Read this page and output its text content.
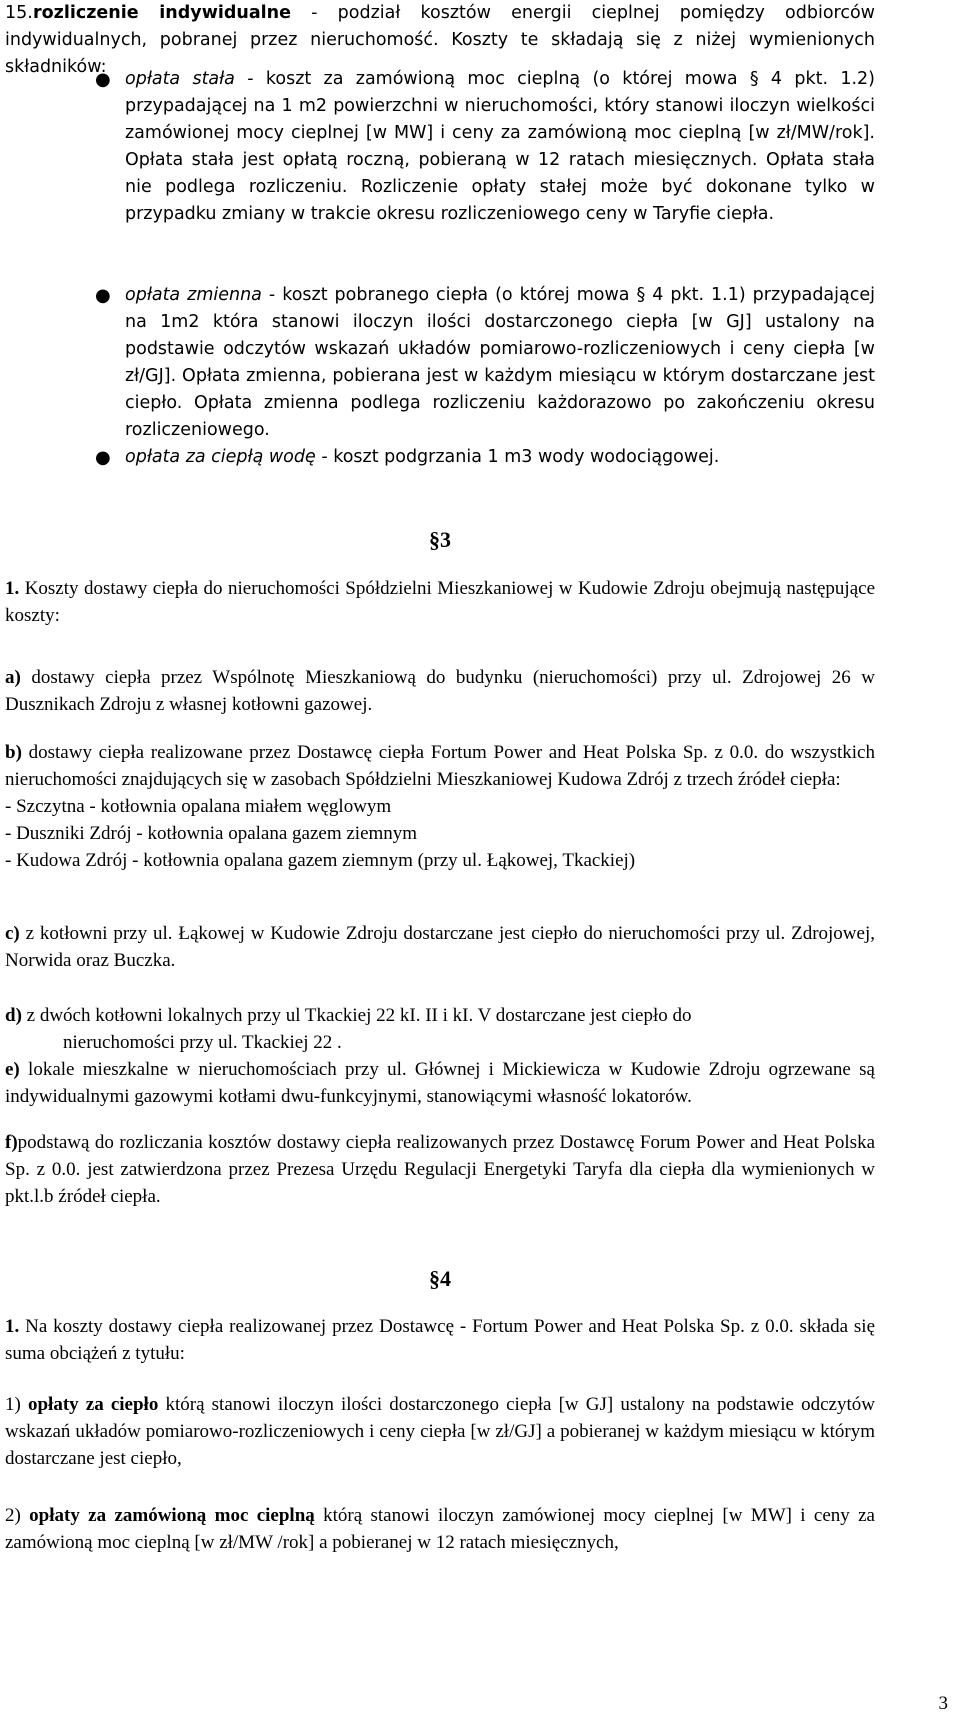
15.rozliczenie indywidualne - podział kosztów energii cieplnej pomiędzy odbiorców indywidualnych, pobranej przez nieruchomość. Koszty te składają się z niżej wymienionych składników:
● opłata stała - koszt za zamówioną moc cieplną (o której mowa § 4 pkt. 1.2) przypadającej na 1 m2 powierzchni w nieruchomości, który stanowi iloczyn wielkości zamówionej mocy cieplnej [w MW] i ceny za zamówioną moc cieplną [w zł/MW/rok]. Opłata stała jest opłatą roczną, pobieraną w 12 ratach miesięcznych. Opłata stała nie podlega rozliczeniu. Rozliczenie opłaty stałej może być dokonane tylko w przypadku zmiany w trakcie okresu rozliczeniowego ceny w Taryfie ciepła.
● opłata zmienna - koszt pobranego ciepła (o której mowa § 4 pkt. 1.1) przypadającej na 1m2 która stanowi iloczyn ilości dostarczonego ciepła [w GJ] ustalony na podstawie odczytów wskazań układów pomiarowo-rozliczeniowych i ceny ciepła [w zł/GJ]. Opłata zmienna, pobierana jest w każdym miesiącu w którym dostarczane jest ciepło. Opłata zmienna podlega rozliczeniu każdorazowo po zakończeniu okresu rozliczeniowego.
● opłata za ciepłą wodę - koszt podgrzania 1 m3 wody wodociągowej.
§3
1. Koszty dostawy ciepła do nieruchomości Spółdzielni Mieszkaniowej w Kudowie Zdroju obejmują następujące koszty:
a) dostawy ciepła przez Wspólnotę Mieszkaniową do budynku (nieruchomości) przy ul. Zdrojowej 26 w Dusznikach Zdroju z własnej kotłowni gazowej.
b) dostawy ciepła realizowane przez Dostawcę ciepła Fortum Power and Heat Polska Sp. z 0.0. do wszystkich nieruchomości znajdujących się w zasobach Spółdzielni Mieszkaniowej Kudowa Zdrój z trzech źródeł ciepła:
- Szczytna - kotłownia opalana miałem węglowym
- Duszniki Zdrój - kotłownia opalana gazem ziemnym
- Kudowa Zdrój - kotłownia opalana gazem ziemnym (przy ul. Łąkowej, Tkackiej)
c) z kotłowni przy ul. Łąkowej w Kudowie Zdroju dostarczane jest ciepło do nieruchomości przy ul. Zdrojowej, Norwida oraz Buczka.
d) z dwóch kotłowni lokalnych przy ul Tkackiej 22 kI. II i kI. V dostarczane jest ciepło do
nieruchomości przy ul. Tkackiej 22 .
e) lokale mieszkalne w nieruchomościach przy ul. Głównej i Mickiewicza w Kudowie Zdroju ogrzewane są indywidualnymi gazowymi kotłami dwu-funkcyjnymi, stanowiącymi własność lokatorów.
f)podstawą do rozliczania kosztów dostawy ciepła realizowanych przez Dostawcę Forum Power and Heat Polska Sp. z 0.0. jest zatwierdzona przez Prezesa Urzędu Regulacji Energetyki Taryfa dla ciepła dla wymienionych w pkt.l.b źródeł ciepła.
§4
1. Na koszty dostawy ciepła realizowanej przez Dostawcę - Fortum Power and Heat Polska Sp. z 0.0. składa się suma obciążeń z tytułu:
1) opłaty za ciepło którą stanowi iloczyn ilości dostarczonego ciepła [w GJ] ustalony na podstawie odczytów wskazań układów pomiarowo-rozliczeniowych i ceny ciepła [w zł/GJ] a pobieranej w każdym miesiącu w którym dostarczane jest ciepło,
2) opłaty za zamówioną moc cieplną którą stanowi iloczyn zamówionej mocy cieplnej [w MW] i ceny za zamówioną moc cieplną [w zł/MW /rok] a pobieranej w 12 ratach miesięcznych,
3
